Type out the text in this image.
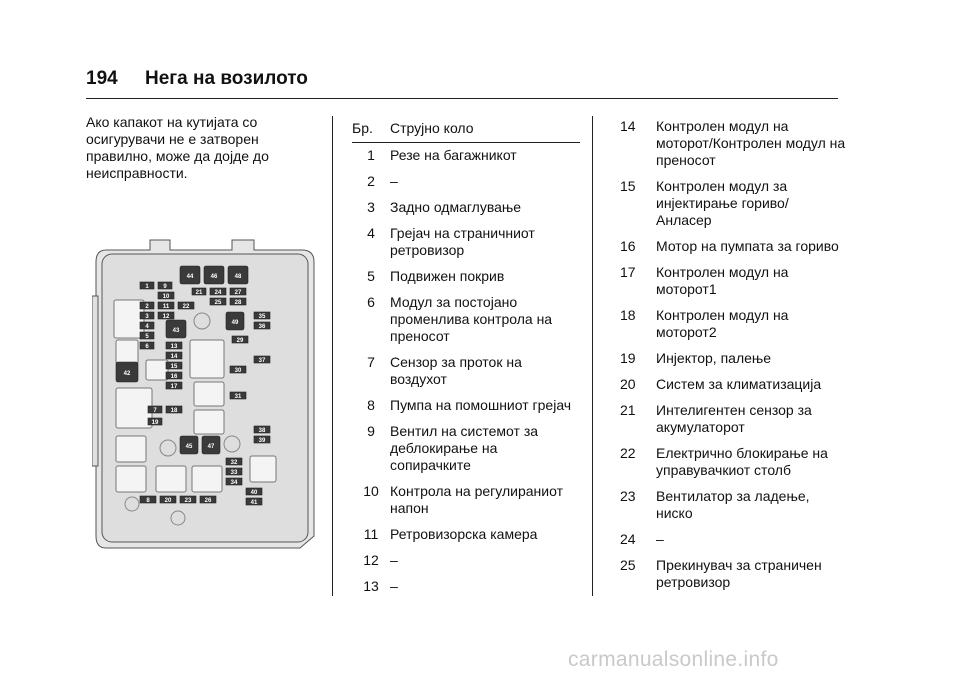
194 Нега на возилото
Ако капакот на кутијата со осигурувачи не е затворен правилно, може да дојде до неисправности.
44	46	48
49
43
42
45	47
1 9
10
2 11 22
3 12
4
5
6	13
14
15
16
17
7 18
19
21 24 27
25 28
35
36
29
37
30
31
38
39
32
33
34
40
41
8 20 23 26
Бр.	Струјно коло
1	Резе на багажникот
2	–
3	Задно одмаглување
4	Грејач на страничниот ретровизор
5	Подвижен покрив
6	Модул за постојано променлива контрола на преносот
7	Сензор за проток на воздухот
8	Пумпа на помошниот грејач
9	Вентил на системот за деблокирање на сопирачките
10 Контрола на регулираниот напон
11 Ретровизорска камера
12 –
13 –
14	Контролен модул на моторот/Контролен модул на преносот
15	Контролен модул за инјектирање гориво/ Анласер
16	Мотор на пумпата за гориво
17	Контролен модул на моторот1
18	Контролен модул на моторот2
19	Инјектор, палење
20	Систем за климатизација
21	Интелигентен сензор за акумулаторот
22	Електрично блокирање на управувачкиот столб
23	Вентилатор за ладење, ниско
24	–
25	Прекинувач за страничен ретровизор
carmanualsonline.info
